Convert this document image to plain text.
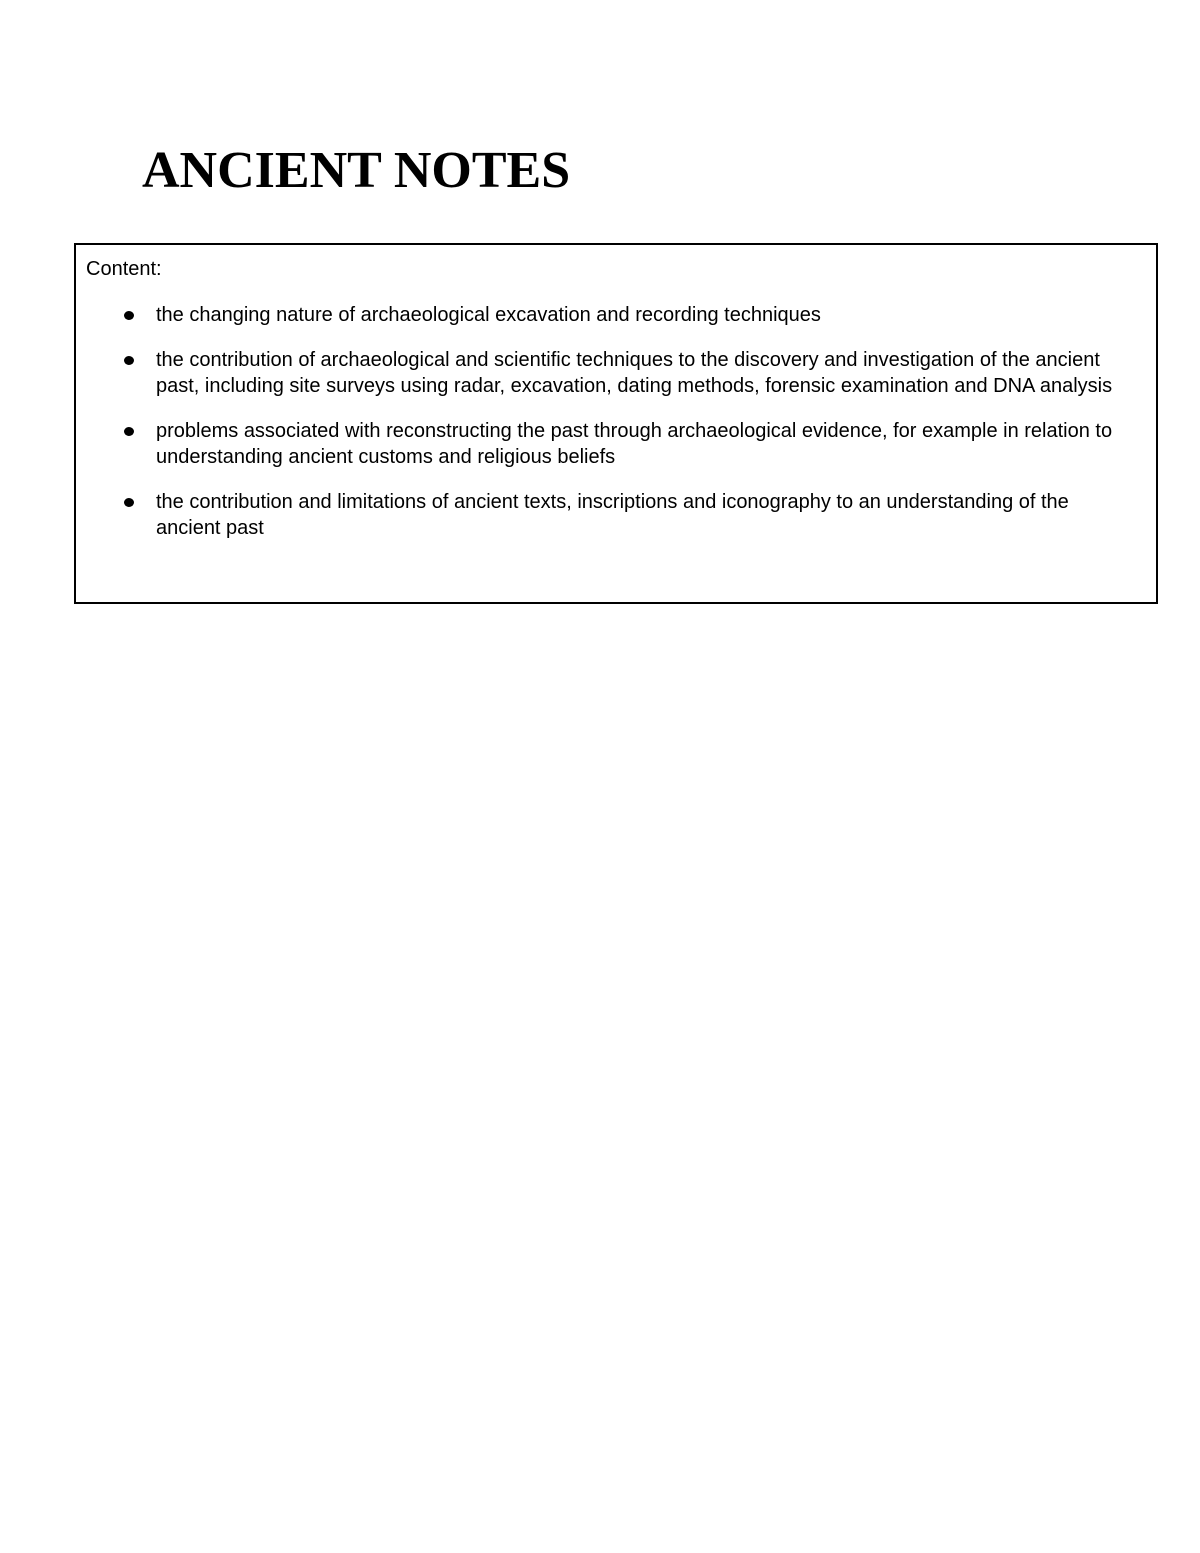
ANCIENT NOTES

Content:

the changing nature of archaeological excavation and recording techniques
the contribution of archaeological and scientific techniques to the discovery and investigation of the ancient past, including site surveys using radar, excavation, dating methods, forensic examination and DNA analysis
problems associated with reconstructing the past through archaeological evidence, for example in relation to understanding ancient customs and religious beliefs
the contribution and limitations of ancient texts, inscriptions and iconography to an understanding of the ancient past
